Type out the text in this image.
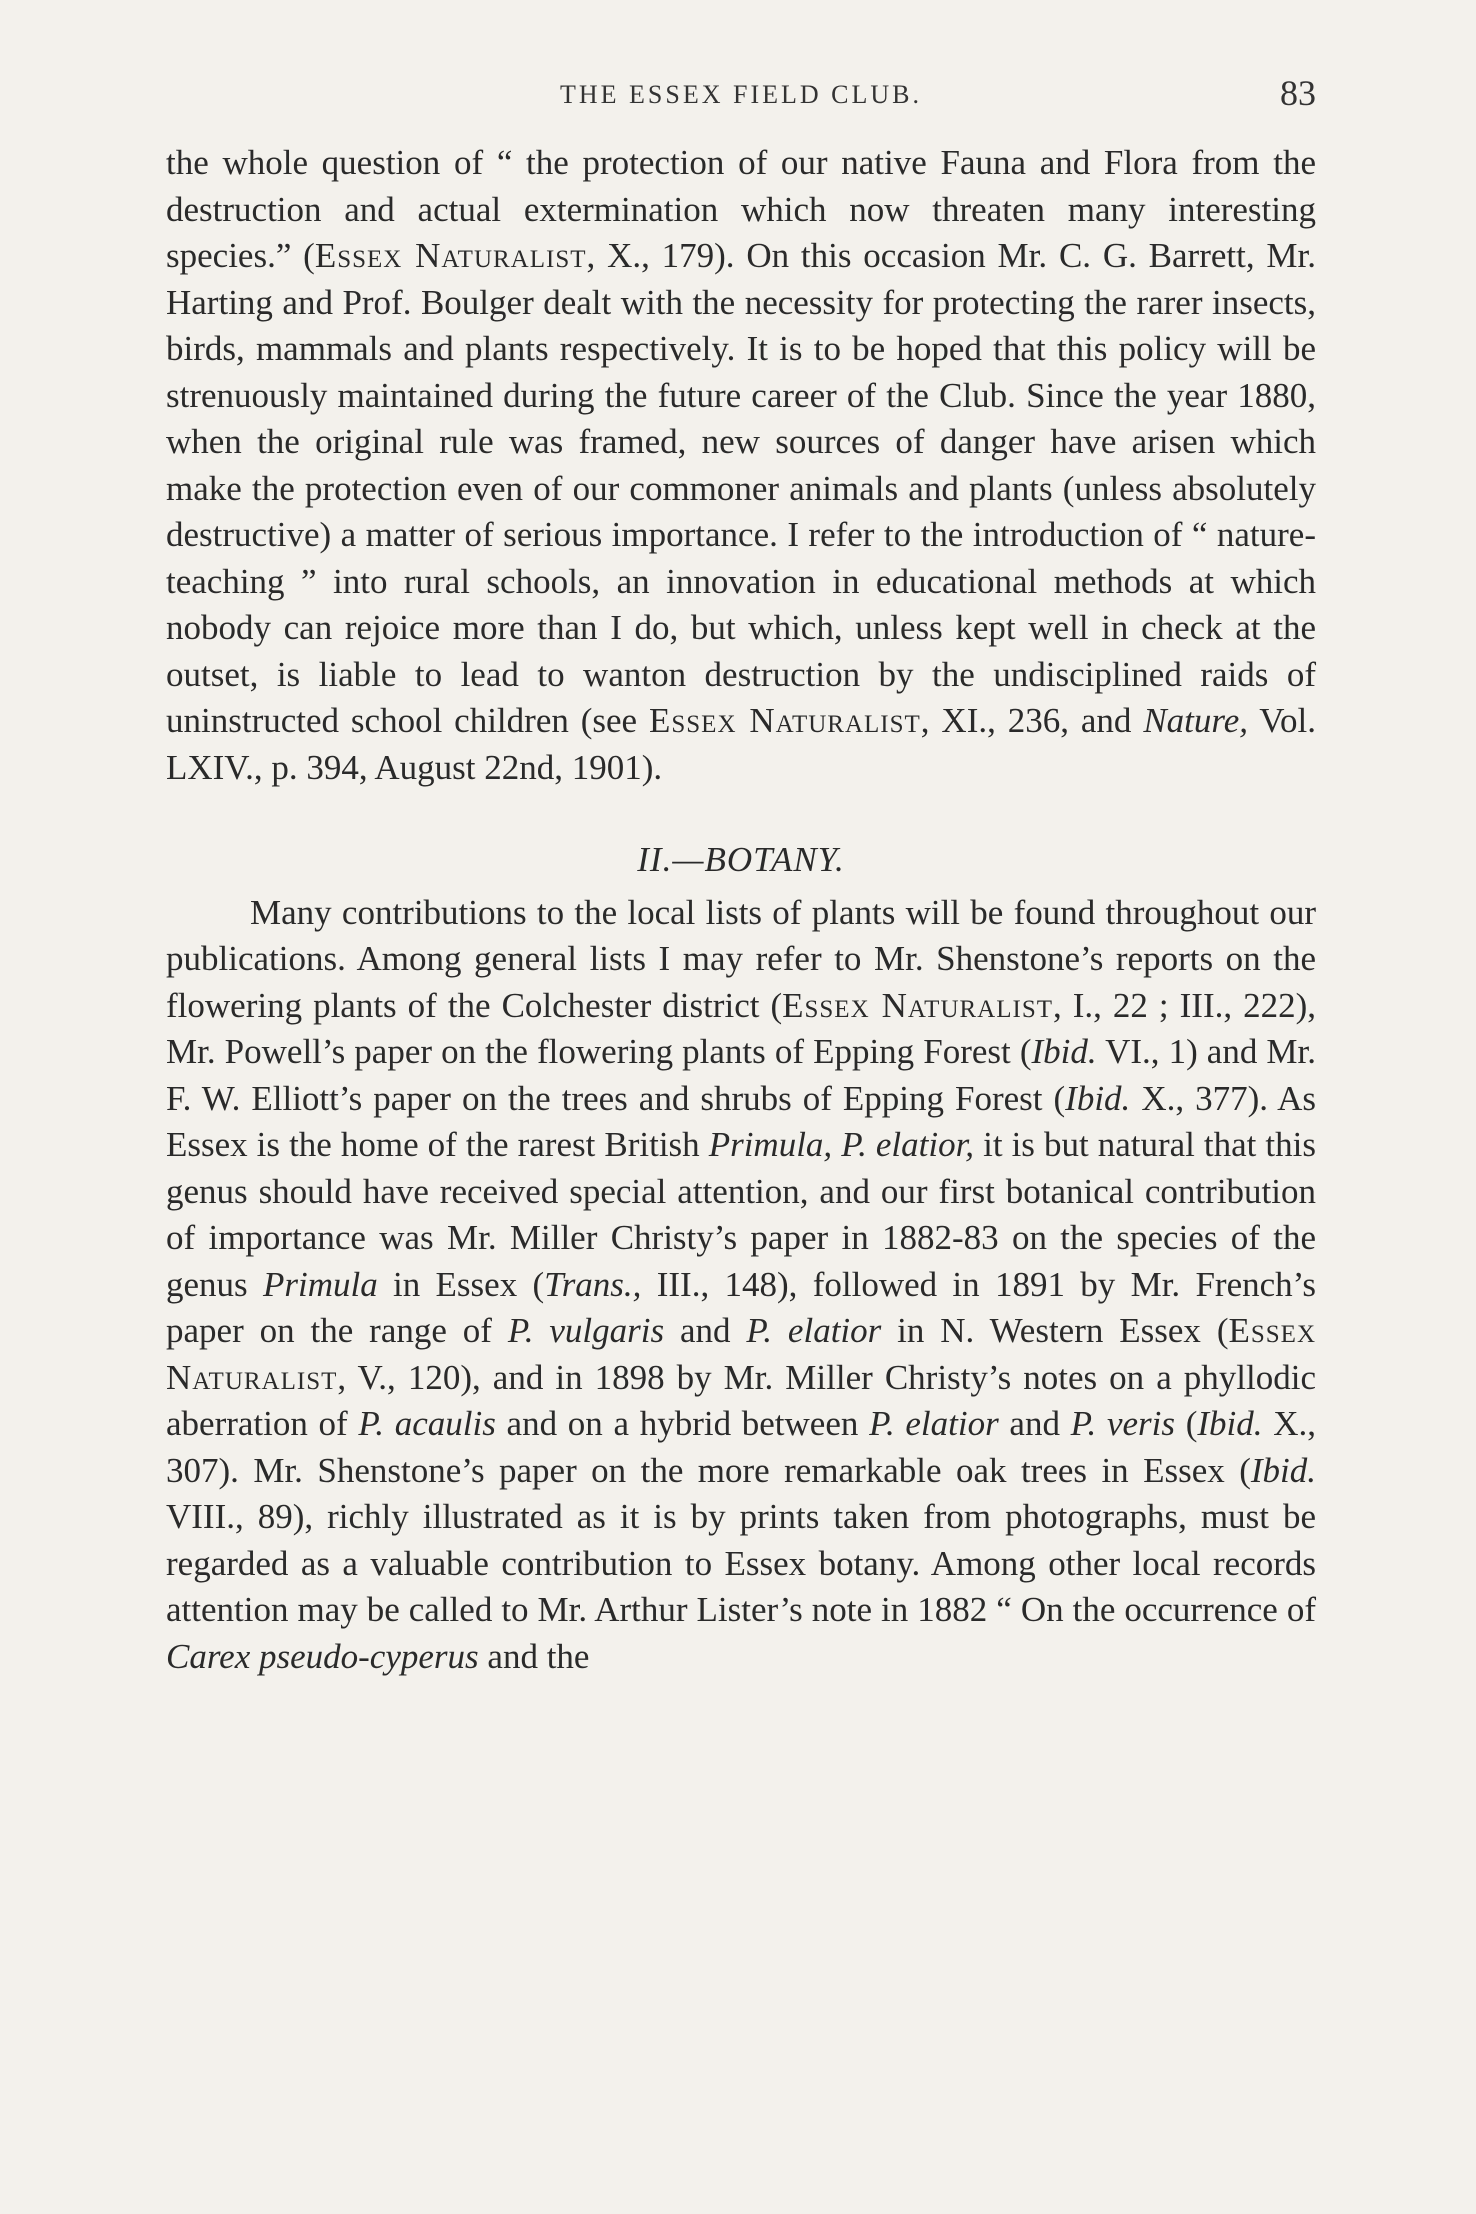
THE ESSEX FIELD CLUB.	83

the whole question of “ the protection of our native Fauna and Flora from the destruction and actual extermination which now threaten many interesting species.” (Essex Naturalist, X., 179). On this occasion Mr. C. G. Barrett, Mr. Harting and Prof. Boulger dealt with the necessity for protecting the rarer insects, birds, mammals and plants respectively. It is to be hoped that this policy will be strenuously maintained during the future career of the Club. Since the year 1880, when the original rule was framed, new sources of danger have arisen which make the protection even of our commoner animals and plants (unless absolutely destructive) a matter of serious importance. I refer to the introduction of “ nature-teaching ” into rural schools, an innovation in educational methods at which nobody can rejoice more than I do, but which, unless kept well in check at the outset, is liable to lead to wanton destruction by the undisciplined raids of uninstructed school children (see Essex Naturalist, XI., 236, and Nature, Vol. LXIV., p. 394, August 22nd, 1901).

II.—BOTANY.

Many contributions to the local lists of plants will be found throughout our publications. Among general lists I may refer to Mr. Shenstone’s reports on the flowering plants of the Colchester district (Essex Naturalist, I., 22 ; III., 222), Mr. Powell’s paper on the flowering plants of Epping Forest (Ibid. VI., 1) and Mr. F. W. Elliott’s paper on the trees and shrubs of Epping Forest (Ibid. X., 377). As Essex is the home of the rarest British Primula, P. elatior, it is but natural that this genus should have received special attention, and our first botanical contribution of importance was Mr. Miller Christy’s paper in 1882-83 on the species of the genus Primula in Essex (Trans., III., 148), followed in 1891 by Mr. French’s paper on the range of P. vulgaris and P. elatior in N. Western Essex (Essex Naturalist, V., 120), and in 1898 by Mr. Miller Christy’s notes on a phyllodic aberration of P. acaulis and on a hybrid between P. elatior and P. veris (Ibid. X., 307). Mr. Shenstone’s paper on the more remarkable oak trees in Essex (Ibid. VIII., 89), richly illustrated as it is by prints taken from photographs, must be regarded as a valuable contribution to Essex botany. Among other local records attention may be called to Mr. Arthur Lister’s note in 1882 “ On the occurrence of Carex pseudo-cyperus and the
